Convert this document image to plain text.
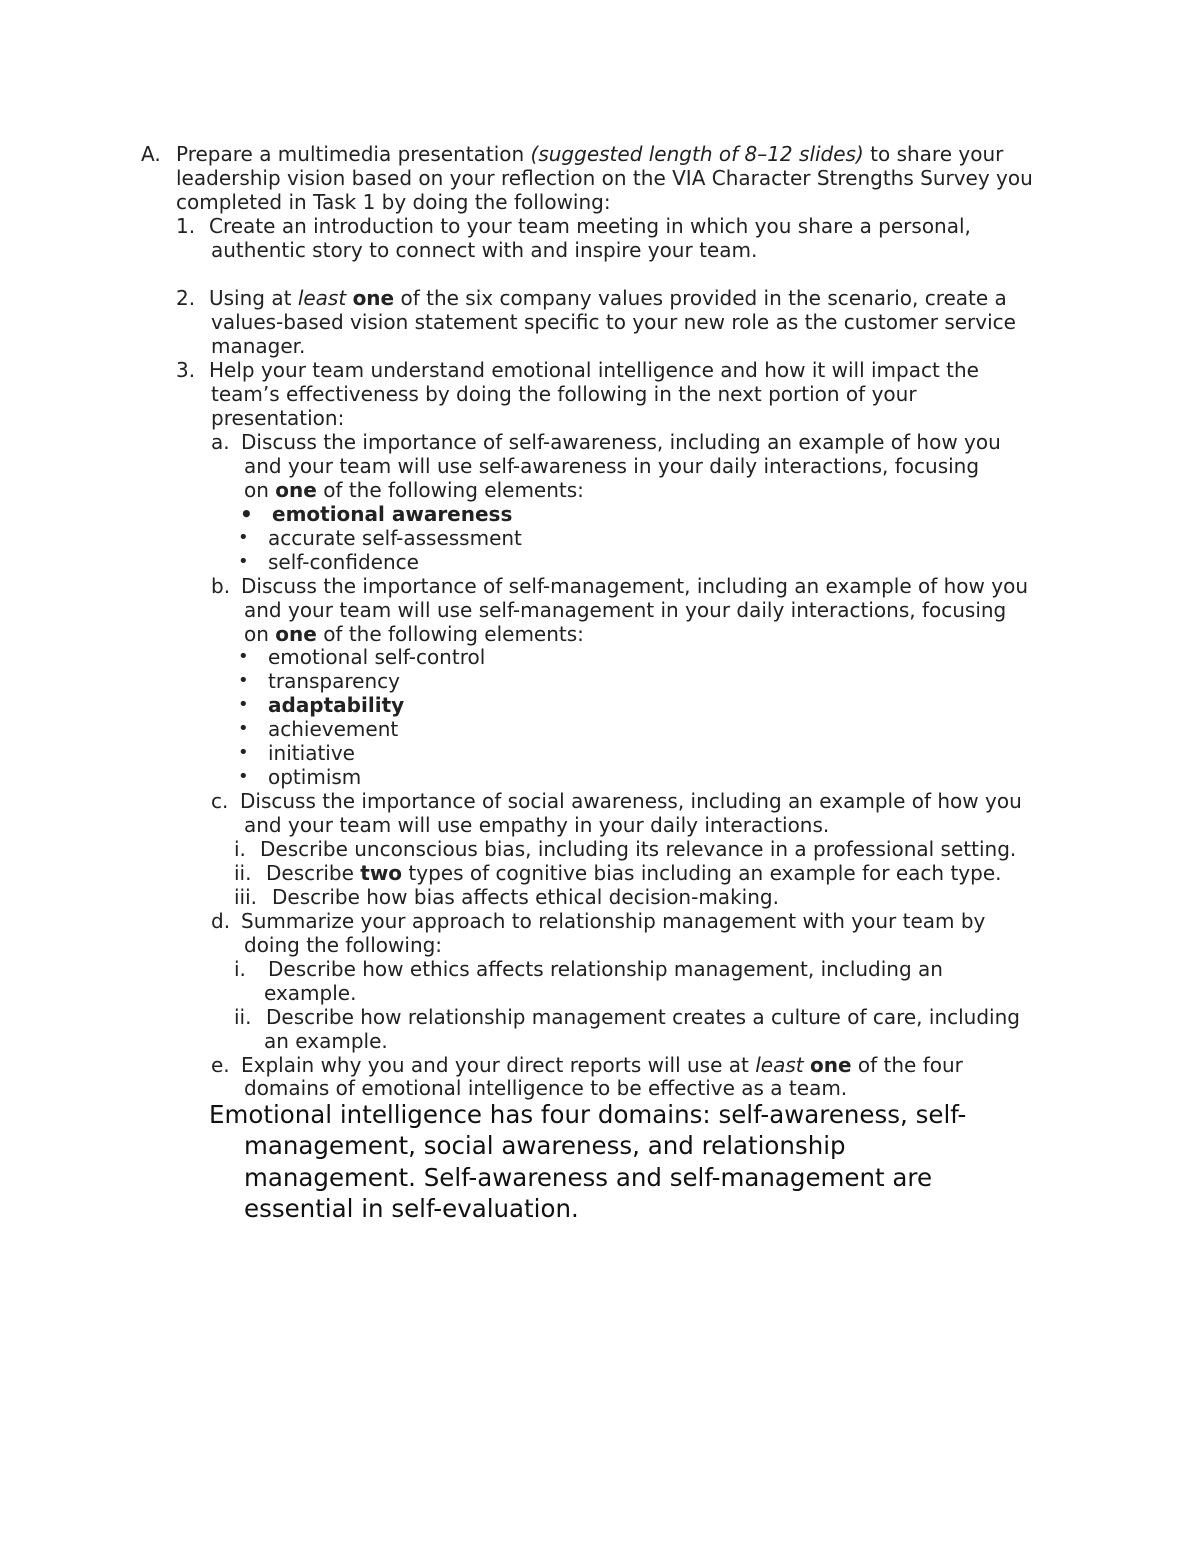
A. Prepare a multimedia presentation (suggested length of 8–12 slides) to share your
leadership vision based on your reflection on the VIA Character Strengths Survey you
completed in Task 1 by doing the following:
1. Create an introduction to your team meeting in which you share a personal,
authentic story to connect with and inspire your team.
2. Using at least one of the six company values provided in the scenario, create a
values-based vision statement specific to your new role as the customer service
manager.
3. Help your team understand emotional intelligence and how it will impact the
team’s effectiveness by doing the following in the next portion of your
presentation:
a. Discuss the importance of self-awareness, including an example of how you
and your team will use self-awareness in your daily interactions, focusing
on one of the following elements:
• emotional awareness
• accurate self-assessment
• self-confidence
b. Discuss the importance of self-management, including an example of how you
and your team will use self-management in your daily interactions, focusing
on one of the following elements:
• emotional self-control
• transparency
• adaptability
• achievement
• initiative
• optimism
c. Discuss the importance of social awareness, including an example of how you
and your team will use empathy in your daily interactions.
i. Describe unconscious bias, including its relevance in a professional setting.
ii. Describe two types of cognitive bias including an example for each type.
iii. Describe how bias affects ethical decision-making.
d. Summarize your approach to relationship management with your team by
doing the following:
i. Describe how ethics affects relationship management, including an
example.
ii. Describe how relationship management creates a culture of care, including
an example.
e. Explain why you and your direct reports will use at least one of the four
domains of emotional intelligence to be effective as a team.
Emotional intelligence has four domains: self-awareness, self-
management, social awareness, and relationship
management. Self-awareness and self-management are
essential in self-evaluation.
